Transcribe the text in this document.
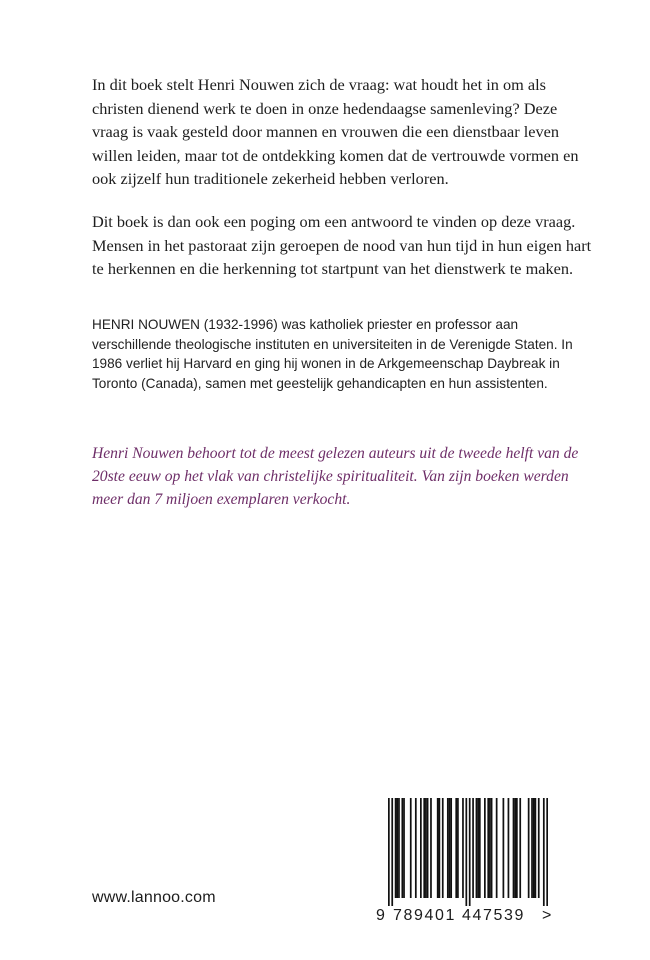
In dit boek stelt Henri Nouwen zich de vraag: wat houdt het in om als christen dienend werk te doen in onze hedendaagse samenleving? Deze vraag is vaak gesteld door mannen en vrouwen die een dienstbaar leven willen leiden, maar tot de ontdekking komen dat de vertrouwde vormen en ook zijzelf hun traditionele zekerheid hebben verloren.

Dit boek is dan ook een poging om een antwoord te vinden op deze vraag. Mensen in het pastoraat zijn geroepen de nood van hun tijd in hun eigen hart te herkennen en die herkenning tot startpunt van het dienstwerk te maken.

HENRI NOUWEN (1932-1996) was katholiek priester en professor aan verschillende theologische instituten en universiteiten in de Verenigde Staten. In 1986 verliet hij Harvard en ging hij wonen in de Arkgemeenschap Daybreak in Toronto (Canada), samen met geestelijk gehandicapten en hun assistenten.

Henri Nouwen behoort tot de meest gelezen auteurs uit de tweede helft van de 20ste eeuw op het vlak van christelijke spiritualiteit. Van zijn boeken werden meer dan 7 miljoen exemplaren verkocht.

www.lannoo.com
9 789401 447539 >
